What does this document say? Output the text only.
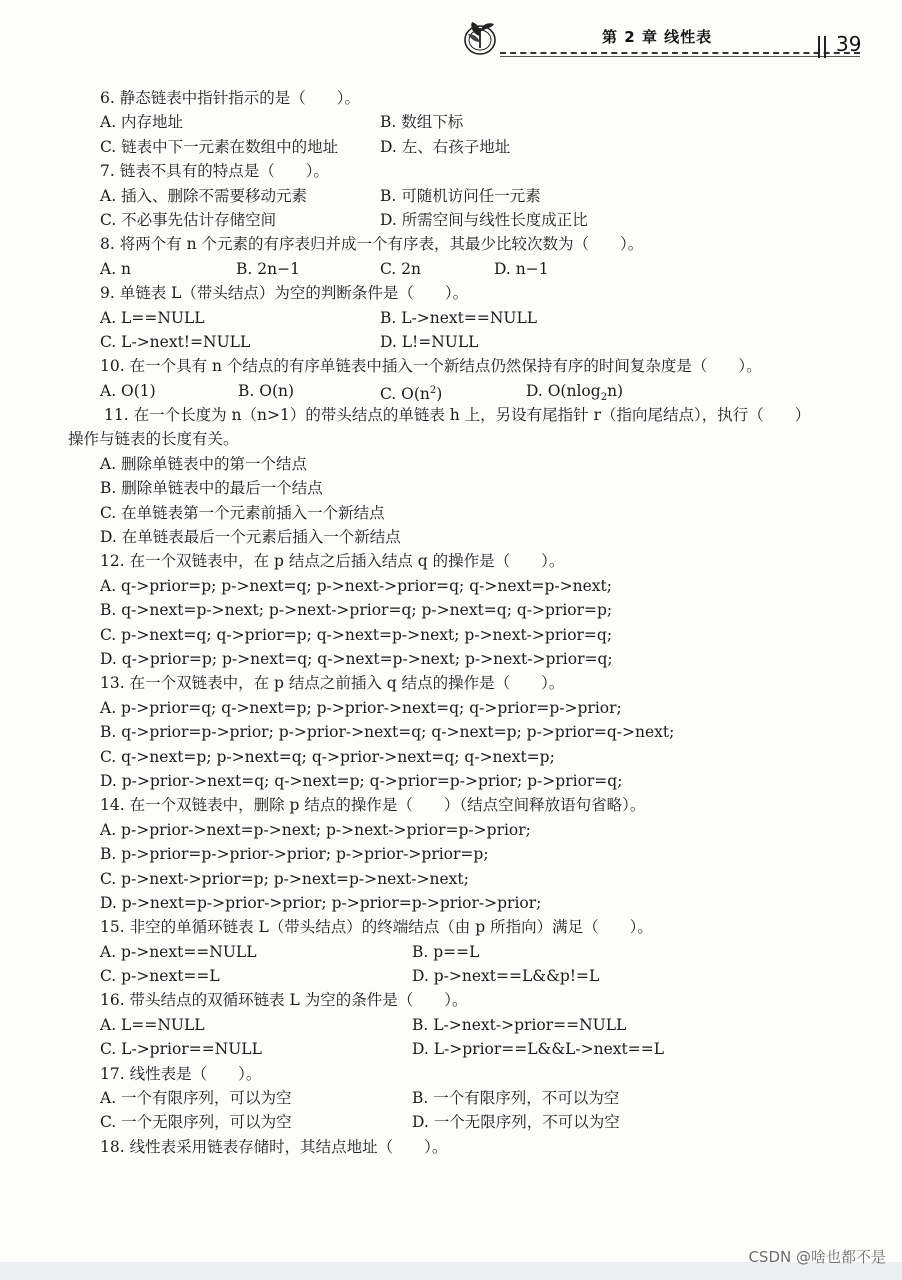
第 2 章 线性表	39
6. 静态链表中指针指示的是（　　）。
A. 内存地址	B. 数组下标
C. 链表中下一元素在数组中的地址	D. 左、右孩子地址
7. 链表不具有的特点是（　　）。
A. 插入、删除不需要移动元素	B. 可随机访问任一元素
C. 不必事先估计存储空间	D. 所需空间与线性长度成正比
8. 将两个有 n 个元素的有序表归并成一个有序表，其最少比较次数为（　　）。
A. n	B. 2n−1	C. 2n	D. n−1
9. 单链表 L（带头结点）为空的判断条件是（　　）。
A. L==NULL	B. L->next==NULL
C. L->next!=NULL	D. L!=NULL
10. 在一个具有 n 个结点的有序单链表中插入一个新结点仍然保持有序的时间复杂度是（　　）。
A. O(1)	B. O(n)	C. $O(n^2)$	D. O(nlog$_2$n)
11. 在一个长度为 n（n>1）的带头结点的单链表 h 上，另设有尾指针 r（指向尾结点），执行（　　）
操作与链表的长度有关。
A. 删除单链表中的第一个结点
B. 删除单链表中的最后一个结点
C. 在单链表第一个元素前插入一个新结点
D. 在单链表最后一个元素后插入一个新结点
12. 在一个双链表中，在 p 结点之后插入结点 q 的操作是（　　）。
A. q->prior=p; p->next=q; p->next->prior=q; q->next=p->next;
B. q->next=p->next; p->next->prior=q; p->next=q; q->prior=p;
C. p->next=q; q->prior=p; q->next=p->next; p->next->prior=q;
D. q->prior=p; p->next=q; q->next=p->next; p->next->prior=q;
13. 在一个双链表中，在 p 结点之前插入 q 结点的操作是（　　）。
A. p->prior=q; q->next=p; p->prior->next=q; q->prior=p->prior;
B. q->prior=p->prior; p->prior->next=q; q->next=p; p->prior=q->next;
C. q->next=p; p->next=q; q->prior->next=q; q->next=p;
D. p->prior->next=q; q->next=p; q->prior=p->prior; p->prior=q;
14. 在一个双链表中，删除 p 结点的操作是（　　）（结点空间释放语句省略）。
A. p->prior->next=p->next; p->next->prior=p->prior;
B. p->prior=p->prior->prior; p->prior->prior=p;
C. p->next->prior=p; p->next=p->next->next;
D. p->next=p->prior->prior; p->prior=p->prior->prior;
15. 非空的单循环链表 L（带头结点）的终端结点（由 p 所指向）满足（　　）。
A. p->next==NULL	B. p==L
C. p->next==L	D. p->next==L&&p!=L
16. 带头结点的双循环链表 L 为空的条件是（　　）。
A. L==NULL	B. L->next->prior==NULL
C. L->prior==NULL	D. L->prior==L&&L->next==L
17. 线性表是（　　）。
A. 一个有限序列，可以为空	B. 一个有限序列，不可以为空
C. 一个无限序列，可以为空	D. 一个无限序列，不可以为空
18. 线性表采用链表存储时，其结点地址（　　）。
CSDN @啥也都不是
